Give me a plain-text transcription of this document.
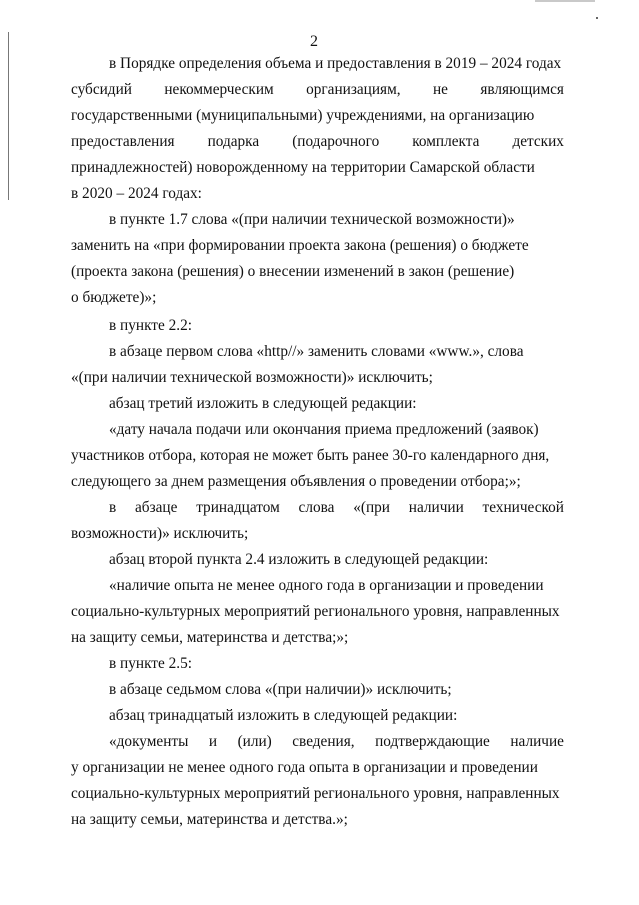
2
в Порядке определения объема и предоставления в 2019 – 2024 годах
субсидий некоммерческим организациям, не являющимся
государственными (муниципальными) учреждениями, на организацию
предоставления подарка (подарочного комплекта детских
принадлежностей) новорожденному на территории Самарской области
в 2020 – 2024 годах:
в пункте 1.7 слова «(при наличии технической возможности)»
заменить на «при формировании проекта закона (решения) о бюджете
(проекта закона (решения) о внесении изменений в закон (решение)
о бюджете)»;
в пункте 2.2:
в абзаце первом слова «http//» заменить словами «www.», слова
«(при наличии технической возможности)» исключить;
абзац третий изложить в следующей редакции:
«дату начала подачи или окончания приема предложений (заявок)
участников отбора, которая не может быть ранее 30-го календарного дня,
следующего за днем размещения объявления о проведении отбора;»;
в абзаце тринадцатом слова «(при наличии технической
возможности)» исключить;
абзац второй пункта 2.4 изложить в следующей редакции:
«наличие опыта не менее одного года в организации и проведении
социально-культурных мероприятий регионального уровня, направленных
на защиту семьи, материнства и детства;»;
в пункте 2.5:
в абзаце седьмом слова «(при наличии)» исключить;
абзац тринадцатый изложить в следующей редакции:
«документы и (или) сведения, подтверждающие наличие
у организации не менее одного года опыта в организации и проведении
социально-культурных мероприятий регионального уровня, направленных
на защиту семьи, материнства и детства.»;
